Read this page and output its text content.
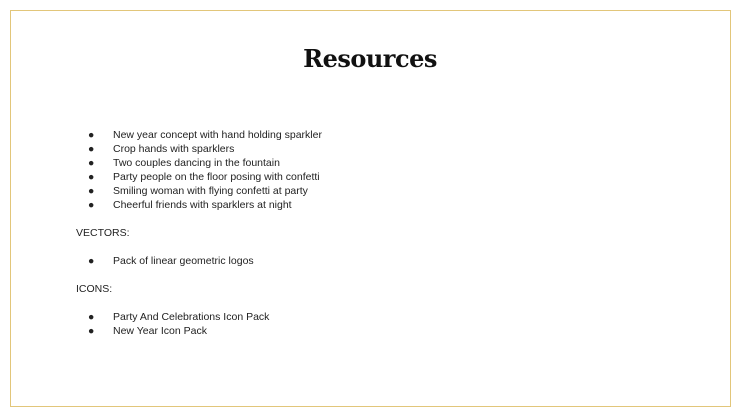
Resources
● New year concept with hand holding sparkler
● Crop hands with sparklers
● Two couples dancing in the fountain
● Party people on the floor posing with confetti
● Smiling woman with flying confetti at party
● Cheerful friends with sparklers at night
VECTORS:
● Pack of linear geometric logos
ICONS:
● Party And Celebrations Icon Pack
● New Year Icon Pack
